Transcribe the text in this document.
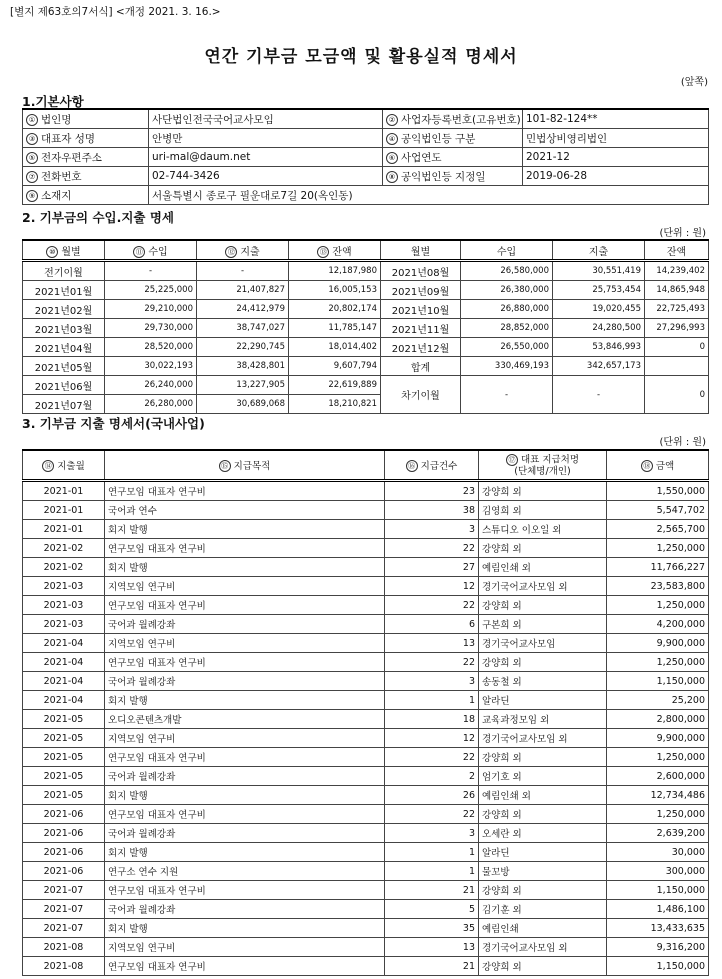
[별지 제63호의7서식] <개정 2021. 3. 16.>
연간 기부금 모금액 및 활용실적 명세서
(앞쪽)
1.기본사항
① 법인명	사단법인전국국어교사모임	② 사업자등록번호(고유번호)	101-82-124**
③ 대표자 성명	안병만	④ 공익법인등 구분	민법상비영리법인
⑤ 전자우편주소	uri-mal@daum.net	⑥ 사업연도	2021-12
⑦ 전화번호	02-744-3426	⑧ 공익법인등 지정일	2019-06-28
⑨ 소재지	서울특별시 종로구 필운대로7길 20(옥인동)		
2. 기부금의 수입.지출 명세
(단위 : 원)
⑩ 월별	⑪ 수입	⑫ 지출	⑬ 잔액	월별	수입	지출	잔액
전기이월	-	-	12,187,980	2021년08월	26,580,000	30,551,419	14,239,402
2021년01월	25,225,000	21,407,827	16,005,153	2021년09월	26,380,000	25,753,454	14,865,948
2021년02월	29,210,000	24,412,979	20,802,174	2021년10월	26,880,000	19,020,455	22,725,493
2021년03월	29,730,000	38,747,027	11,785,147	2021년11월	28,852,000	24,280,500	27,296,993
2021년04월	28,520,000	22,290,745	18,014,402	2021년12월	26,550,000	53,846,993	0
2021년05월	30,022,193	38,428,801	9,607,794	합계	330,469,193	342,657,173	
2021년06월	26,240,000	13,227,905	22,619,889	차기이월	-	-	0
2021년07월	26,280,000	30,689,068	18,210,821				
3. 기부금 지출 명세서(국내사업)
(단위 : 원)
⑭ 지출월	⑮ 지급목적	⑯ 지급건수	⑰ 대표 지급처명
(단체명/개인)	⑱ 금액
2021-01	연구모임 대표자 연구비	23	강양희 외	1,550,000
2021-01	국어과 연수	38	김영희 외	5,547,702
2021-01	회지 발행	3	스튜디오 이오일 외	2,565,700
2021-02	연구모임 대표자 연구비	22	강양희 외	1,250,000
2021-02	회지 발행	27	예림인쇄 외	11,766,227
2021-03	지역모임 연구비	12	경기국어교사모임 외	23,583,800
2021-03	연구모임 대표자 연구비	22	강양희 외	1,250,000
2021-03	국어과 월례강좌	6	구본희 외	4,200,000
2021-04	지역모임 연구비	13	경기국어교사모임	9,900,000
2021-04	연구모임 대표자 연구비	22	강양희 외	1,250,000
2021-04	국어과 월례강좌	3	송동철 외	1,150,000
2021-04	회지 발행	1	알라딘	25,200
2021-05	오디오콘텐츠개발	18	교육과정모임 외	2,800,000
2021-05	지역모임 연구비	12	경기국어교사모임 외	9,900,000
2021-05	연구모임 대표자 연구비	22	강양희 외	1,250,000
2021-05	국어과 월례강좌	2	엄기호 외	2,600,000
2021-05	회지 발행	26	예림인쇄 외	12,734,486
2021-06	연구모임 대표자 연구비	22	강양희 외	1,250,000
2021-06	국어과 월례강좌	3	오세란 외	2,639,200
2021-06	회지 발행	1	알라딘	30,000
2021-06	연구소 연수 지원	1	물꼬방	300,000
2021-07	연구모임 대표자 연구비	21	강양희 외	1,150,000
2021-07	국어과 월례강좌	5	김기훈 외	1,486,100
2021-07	회지 발행	35	예림인쇄	13,433,635
2021-08	지역모임 연구비	13	경기국어교사모임 외	9,316,200
2021-08	연구모임 대표자 연구비	21	강양희 외	1,150,000
